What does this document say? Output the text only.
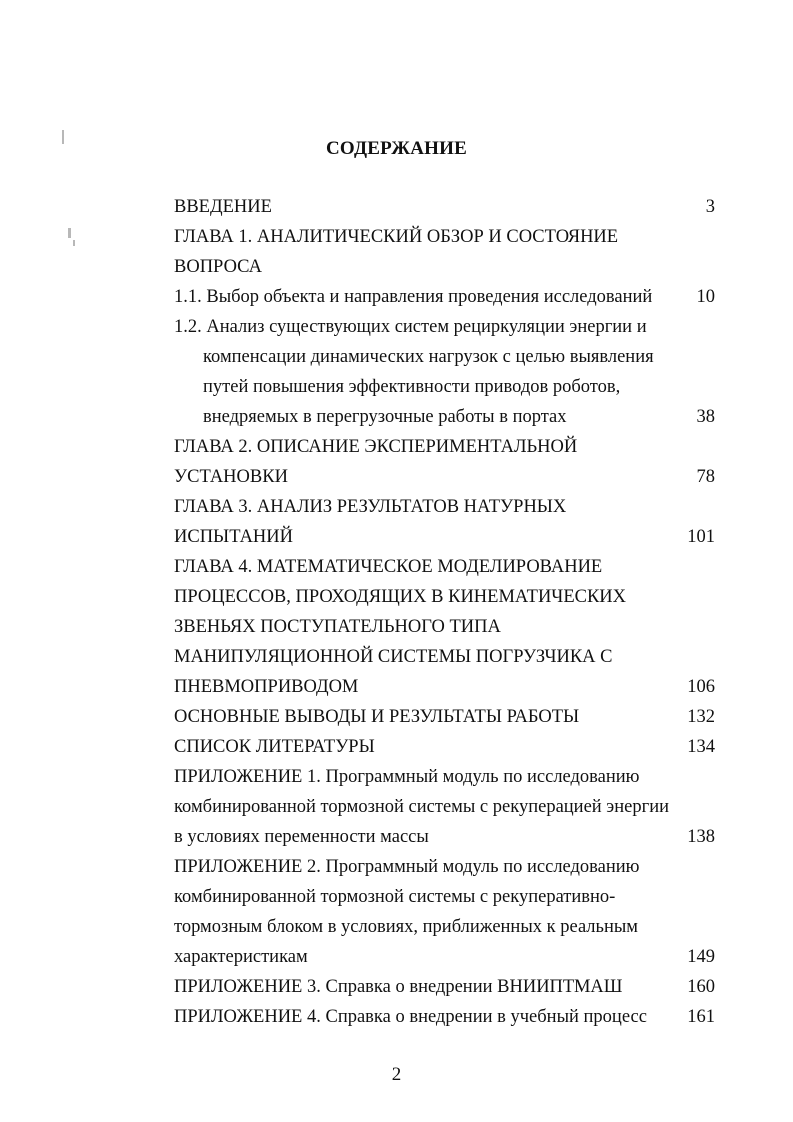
СОДЕРЖАНИЕ
ВВЕДЕНИЕ	3
ГЛАВА 1. АНАЛИТИЧЕСКИЙ ОБЗОР И СОСТОЯНИЕ
ВОПРОСА
1.1. Выбор объекта и направления проведения исследований	10
1.2. Анализ существующих систем рециркуляции энергии и
компенсации динамических нагрузок с целью выявления
путей повышения эффективности приводов роботов,
внедряемых в перегрузочные работы в портах	38
ГЛАВА 2. ОПИСАНИЕ ЭКСПЕРИМЕНТАЛЬНОЙ
УСТАНОВКИ	78
ГЛАВА 3. АНАЛИЗ РЕЗУЛЬТАТОВ НАТУРНЫХ
ИСПЫТАНИЙ	101
ГЛАВА 4. МАТЕМАТИЧЕСКОЕ МОДЕЛИРОВАНИЕ
ПРОЦЕССОВ, ПРОХОДЯЩИХ В КИНЕМАТИЧЕСКИХ
ЗВЕНЬЯХ ПОСТУПАТЕЛЬНОГО ТИПА
МАНИПУЛЯЦИОННОЙ СИСТЕМЫ ПОГРУЗЧИКА С
ПНЕВМОПРИВОДОМ	106
ОСНОВНЫЕ ВЫВОДЫ И РЕЗУЛЬТАТЫ РАБОТЫ	132
СПИСОК ЛИТЕРАТУРЫ	134
ПРИЛОЖЕНИЕ 1. Программный модуль по исследованию
комбинированной тормозной системы с рекуперацией энергии
в условиях переменности массы	138
ПРИЛОЖЕНИЕ 2. Программный модуль по исследованию
комбинированной тормозной системы с рекуперативно-
тормозным блоком в условиях, приближенных к реальным
характеристикам	149
ПРИЛОЖЕНИЕ 3. Справка о внедрении ВНИИПТМАШ	160
ПРИЛОЖЕНИЕ 4. Справка о внедрении в учебный процесс	161
2
